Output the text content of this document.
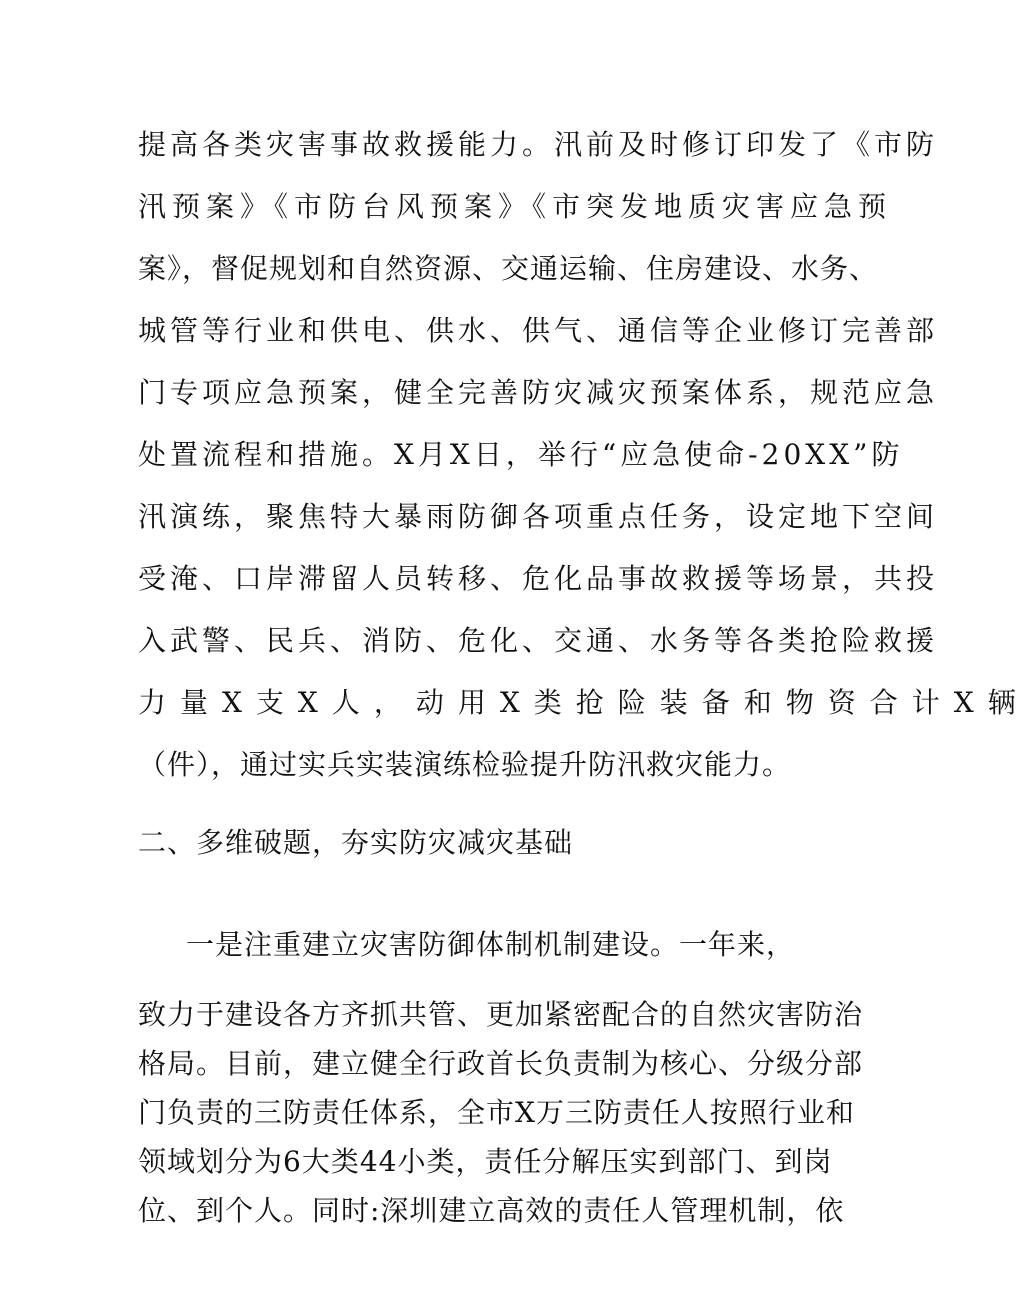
提高各类灾害事故救援能力。汛前及时修订印发了《市防
汛预案》《市防台风预案》《市突发地质灾害应急预
案》，督促规划和自然资源、交通运输、住房建设、水务、
城管等行业和供电、供水、供气、通信等企业修订完善部
门专项应急预案，健全完善防灾减灾预案体系，规范应急
处置流程和措施。X月X日，举行“应急使命-20XX”防
汛演练，聚焦特大暴雨防御各项重点任务，设定地下空间
受淹、口岸滞留人员转移、危化品事故救援等场景，共投
入武警、民兵、消防、危化、交通、水务等各类抢险救援
力量X支X人，动用X类抢险装备和物资合计X辆
（件），通过实兵实装演练检验提升防汛救灾能力。
二、多维破题，夯实防灾减灾基础
一是注重建立灾害防御体制机制建设。一年来，
致力于建设各方齐抓共管、更加紧密配合的自然灾害防治
格局。目前，建立健全行政首长负责制为核心、分级分部
门负责的三防责任体系，全市X万三防责任人按照行业和
领域划分为6大类44小类，责任分解压实到部门、到岗
位、到个人。同时:深圳建立高效的责任人管理机制，依
